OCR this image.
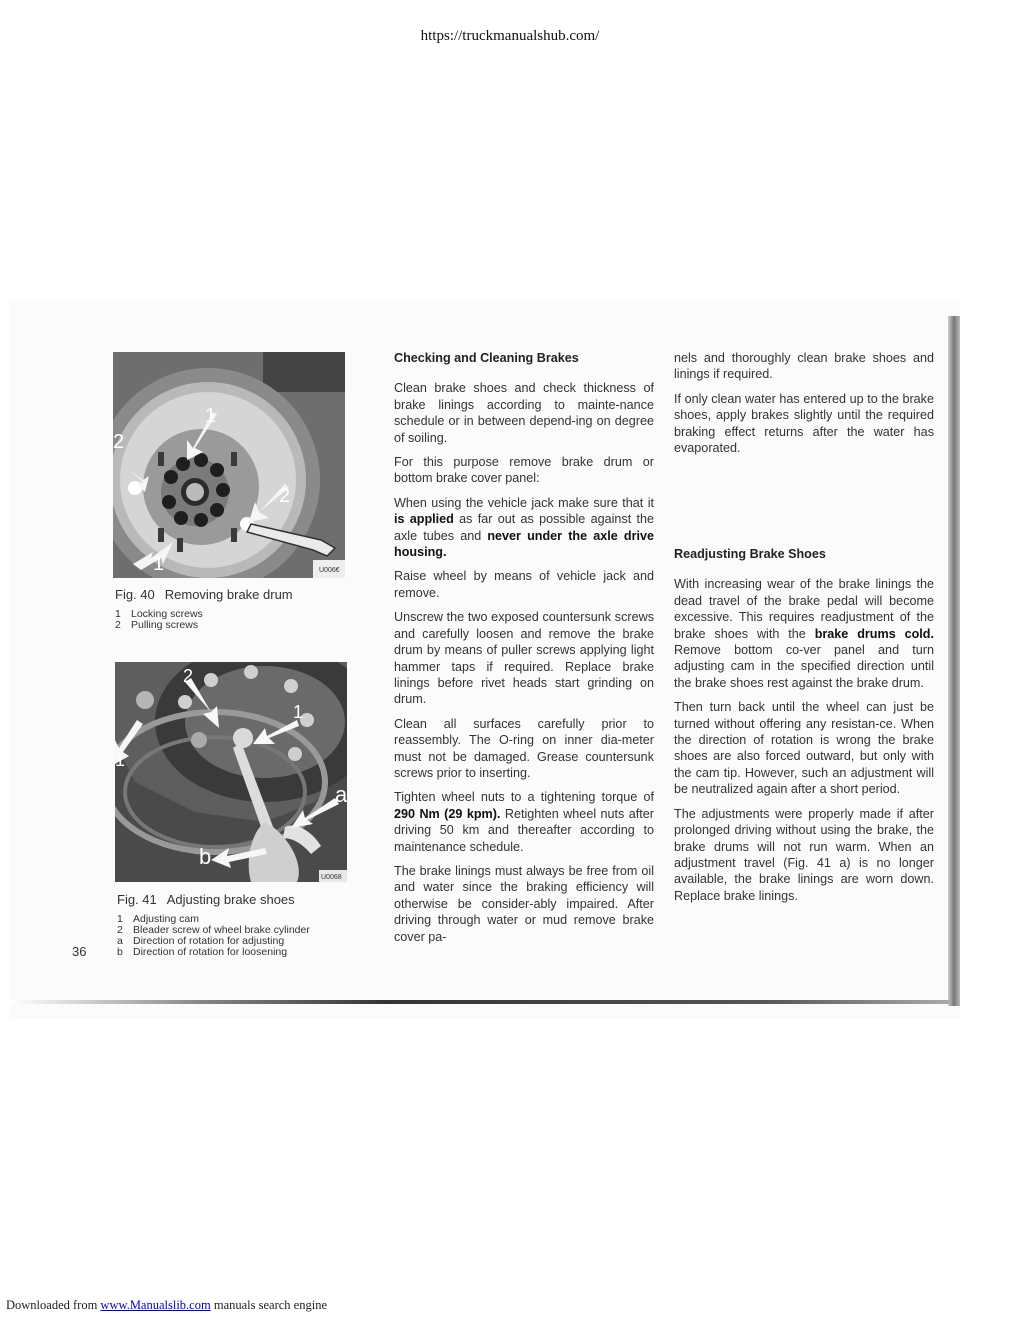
https://truckmanualshub.com/
1
2
2
1	U006€
Fig. 40 Removing brake drum
1 Locking screws
2 Pulling screws
2
1
1
a
b
U0068
Fig. 41 Adjusting brake shoes
1 Adjusting cam
2 Bleader screw of wheel brake cylinder
a Direction of rotation for adjusting
b Direction of rotation for loosening
36
Checking and Cleaning Brakes

Clean brake shoes and check thickness of brake linings according to mainte-nance schedule or in between depend-ing on degree of soiling.

For this purpose remove brake drum or bottom brake cover panel:

When using the vehicle jack make sure that it is applied as far out as possible against the axle tubes and never under the axle drive housing.

Raise wheel by means of vehicle jack and remove.

Unscrew the two exposed countersunk screws and carefully loosen and remove the brake drum by means of puller screws applying light hammer taps if required. Replace brake linings before rivet heads start grinding on drum.

Clean all surfaces carefully prior to reassembly. The O-ring on inner dia-meter must not be damaged. Grease countersunk screws prior to inserting.

Tighten wheel nuts to a tightening torque of 290 Nm (29 kpm). Retighten wheel nuts after driving 50 km and thereafter according to maintenance schedule.

The brake linings must always be free from oil and water since the braking efficiency will otherwise be consider-ably impaired. After driving through water or mud remove brake cover pa-

nels and thoroughly clean brake shoes and linings if required.

If only clean water has entered up to the brake shoes, apply brakes slightly until the required braking effect returns after the water has evaporated.

Readjusting Brake Shoes

With increasing wear of the brake linings the dead travel of the brake pedal will become excessive. This requires readjustment of the brake shoes with the brake drums cold. Remove bottom co-ver panel and turn adjusting cam in the specified direction until the brake shoes rest against the brake drum.

Then turn back until the wheel can just be turned without offering any resistan-ce. When the direction of rotation is wrong the brake shoes are also forced outward, but only with the cam tip. However, such an adjustment will be neutralized again after a short period.

The adjustments were properly made if after prolonged driving without using the brake, the brake drums will not run warm. When an adjustment travel (Fig. 41 a) is no longer available, the brake linings are worn down. Replace brake linings.

Downloaded from www.Manualslib.com manuals search engine
